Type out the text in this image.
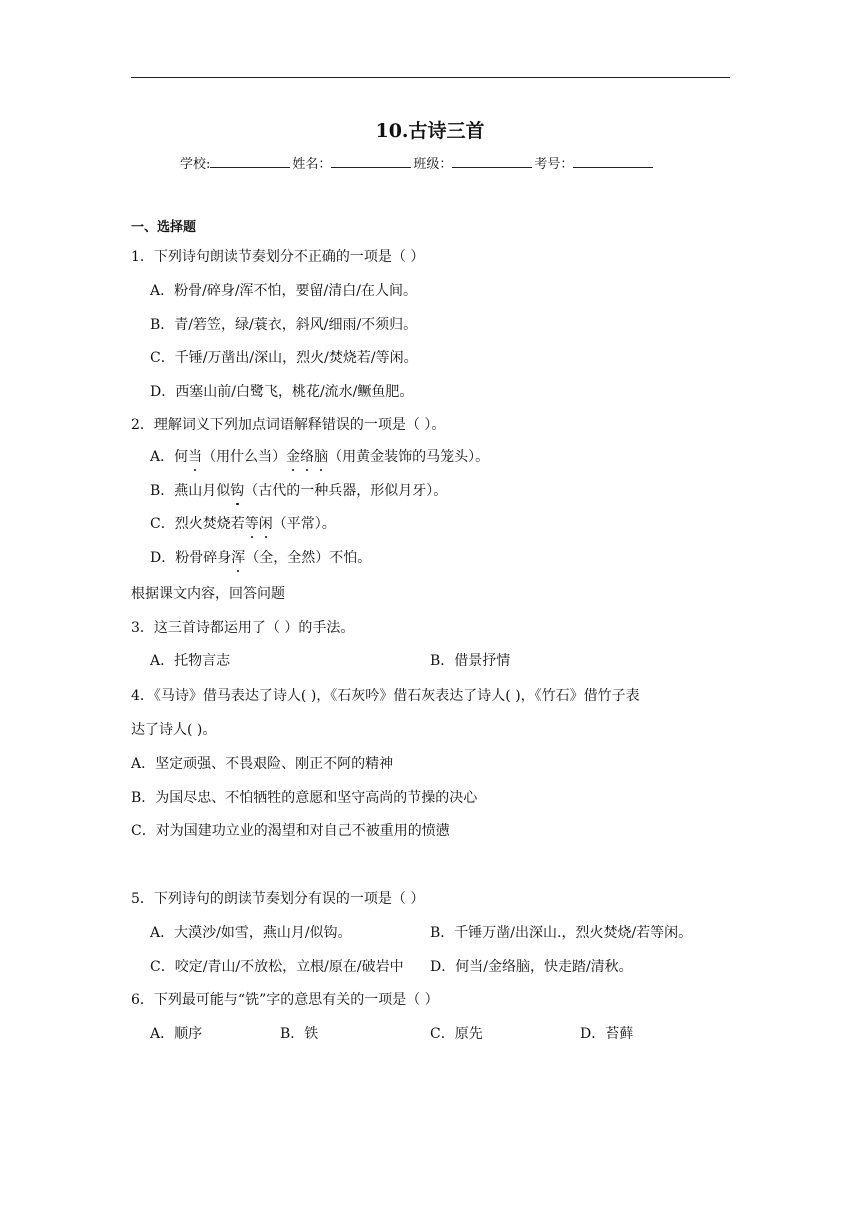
10.古诗三首
学校:	姓名：	班级：	考号：
一、选择题
1．下列诗句朗读节奏划分不正确的一项是（ ）
A．粉骨/碎身/浑不怕，要留/清白/在人间。
B．青/箬笠，绿/蓑衣，斜风/细雨/不须归。
C．千锤/万凿出/深山，烈火/焚烧若/等闲。
D．西塞山前/白鹭飞，桃花/流水/鳜鱼肥。
2．理解词义下列加点词语解释错误的一项是（ ）。
A．何当（用什么当）金络脑（用黄金装饰的马笼头）。
B．燕山月似钩（古代的一种兵器，形似月牙）。
C．烈火焚烧若等闲（平常）。
D．粉骨碎身浑（全，全然）不怕。
根据课文内容，回答问题
3．这三首诗都运用了（ ）的手法。
A．托物言志	B．借景抒情
4．《马诗》借马表达了诗人( )，《石灰吟》借石灰表达了诗人( )，《竹石》借竹子表
达了诗人( )。
A．坚定顽强、不畏艰险、刚正不阿的精神
B．为国尽忠、不怕牺牲的意愿和坚守高尚的节操的决心
C．对为国建功立业的渴望和对自己不被重用的愤懑
5．下列诗句的朗读节奏划分有误的一项是（ ）
A．大漠沙/如雪，燕山月/似钩。	B．千锤万凿/出深山.，烈火焚烧/若等闲。
C．咬定/青山/不放松，立根/原在/破岩中 D．何当/金络脑，快走踏/清秋。
6．下列最可能与“铣”字的意思有关的一项是（ ）
A．顺序	B．铁	C．原先	D．苔藓
